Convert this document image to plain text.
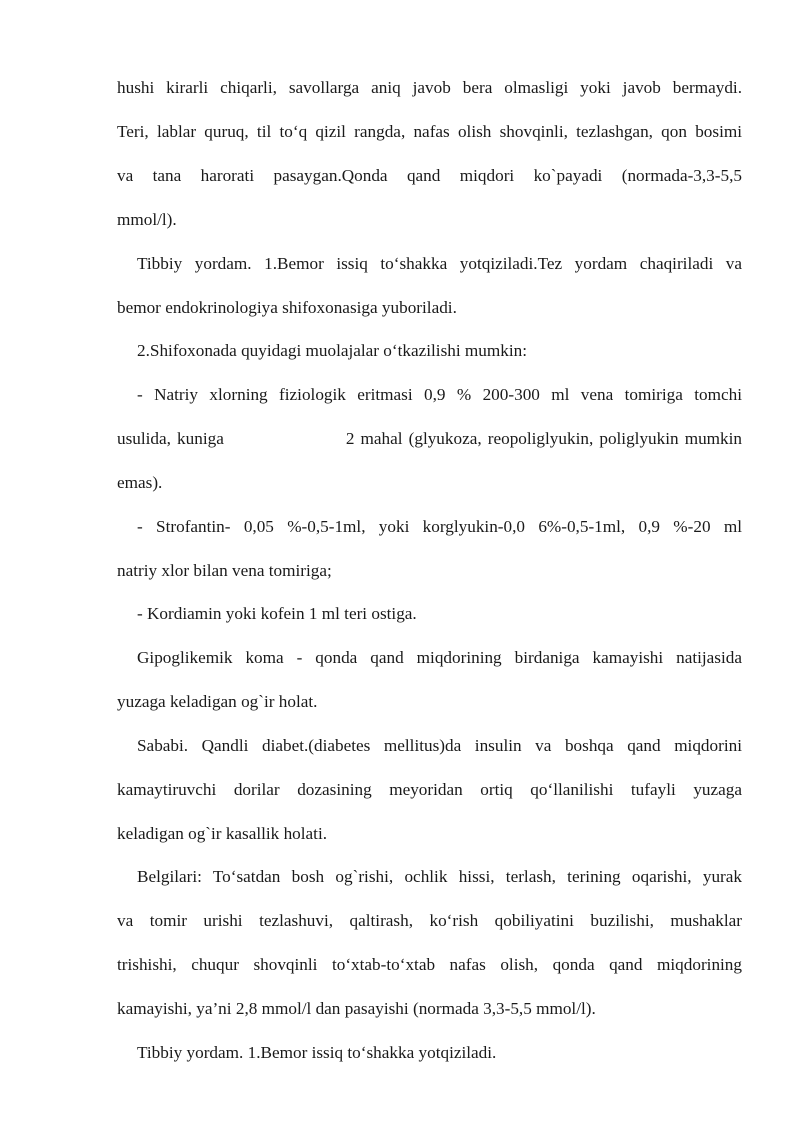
hushi kirarli chiqarli, savollarga aniq javob bera olmasligi yoki javob bermaydi.
Teri, lablar quruq, til to‘q qizil rangda, nafas olish shovqinli, tezlashgan, qon bosimi
va tana harorati pasaygan.Qonda qand miqdori ko`payadi (normada-3,3-5,5
mmol/l).
Tibbiy yordam. 1.Bemor issiq to‘shakka yotqiziladi.Tez yordam chaqiriladi va
bemor endokrinologiya shifoxonasiga yuboriladi.
2.Shifoxonada quyidagi muolajalar o‘tkazilishi mumkin:
- Natriy xlorning fiziologik eritmasi 0,9 % 200-300 ml vena tomiriga tomchi
usulida, kuniga                    2 mahal (glyukoza, reopoliglyukin, poliglyukin mumkin
emas).
- Strofantin- 0,05 %-0,5-1ml, yoki korglyukin-0,0 6%-0,5-1ml, 0,9 %-20 ml
natriy xlor bilan vena tomiriga;
- Kordiamin yoki kofein 1 ml teri ostiga.
Gipoglikemik koma - qonda qand miqdorining birdaniga kamayishi natijasida
yuzaga keladigan og`ir holat.
Sababi. Qandli diabet.(diabetes mellitus)da insulin va boshqa qand miqdorini
kamaytiruvchi dorilar dozasining meyoridan ortiq qo‘llanilishi tufayli yuzaga
keladigan og`ir kasallik holati.
Belgilari: To‘satdan bosh og`rishi, ochlik hissi, terlash, terining oqarishi, yurak
va tomir urishi tezlashuvi, qaltirash, ko‘rish qobiliyatini buzilishi, mushaklar
trishishi, chuqur shovqinli to‘xtab-to‘xtab nafas olish, qonda qand miqdorining
kamayishi, ya’ni 2,8 mmol/l dan pasayishi (normada 3,3-5,5 mmol/l).
Tibbiy yordam. 1.Bemor issiq to‘shakka yotqiziladi.
